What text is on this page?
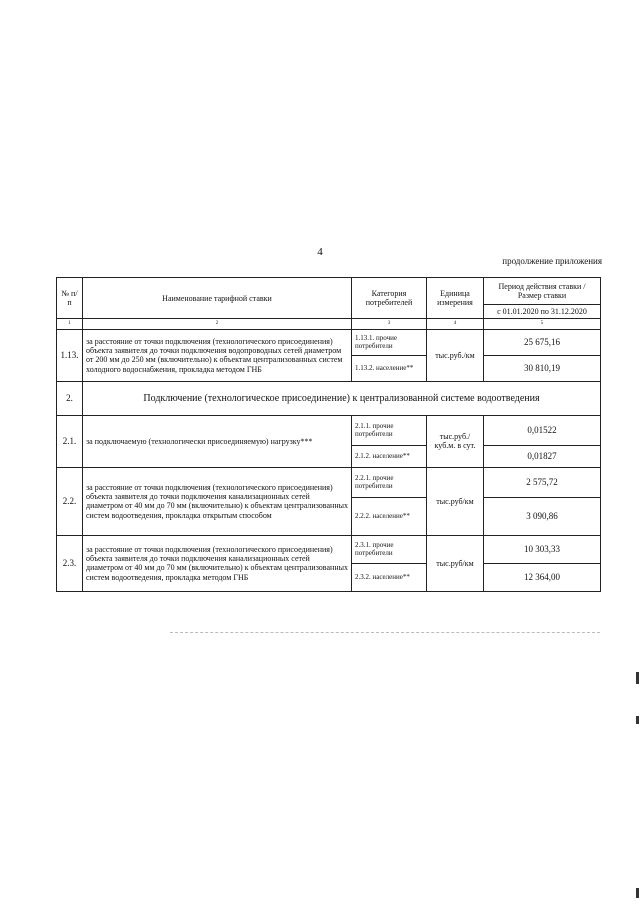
4
продолжение приложения
№ п/п	Наименование тарифной ставки	Категория потребителей	Единица измерения	Период действия ставки /Размер ставки
				с 01.01.2020 по 31.12.2020
1	2	3	4	5
1.13.	за расстояние от точки подключения (технологического присоединения) объекта заявителя до точки подключения водопроводных сетей диаметром от 200 мм до 250 мм (включительно) к объектам централизованных систем холодного водоснабжения, прокладка методом ГНБ	1.13.1. прочие потребители	тыс.руб./км	25 675,16
		1.13.2. население**		30 810,19
2.	Подключение (технологическое присоединение) к централизованной системе водоотведения			
2.1.	за подключаемую (технологически присоединяемую) нагрузку***	2.1.1. прочие потребители	тыс.руб./ куб.м. в сут.	0,01522
		2.1.2. население**		0,01827
2.2.	за расстояние от точки подключения (технологического присоединения) объекта заявителя до точки подключения канализационных сетей диаметром от 40 мм до 70 мм (включительно) к объектам централизованных систем водоотведения, прокладка открытым способом	2.2.1. прочие потребители	тыс.руб/км	2 575,72
		2.2.2. население**		3 090,86
2.3.	за расстояние от точки подключения (технологического присоединения) объекта заявителя до точки подключения канализационных сетей диаметром от 40 мм до 70 мм (включительно) к объектам централизованных систем водоотведения, прокладка методом ГНБ	2.3.1. прочие потребители	тыс.руб/км	10 303,33
		2.3.2. население**		12 364,00
